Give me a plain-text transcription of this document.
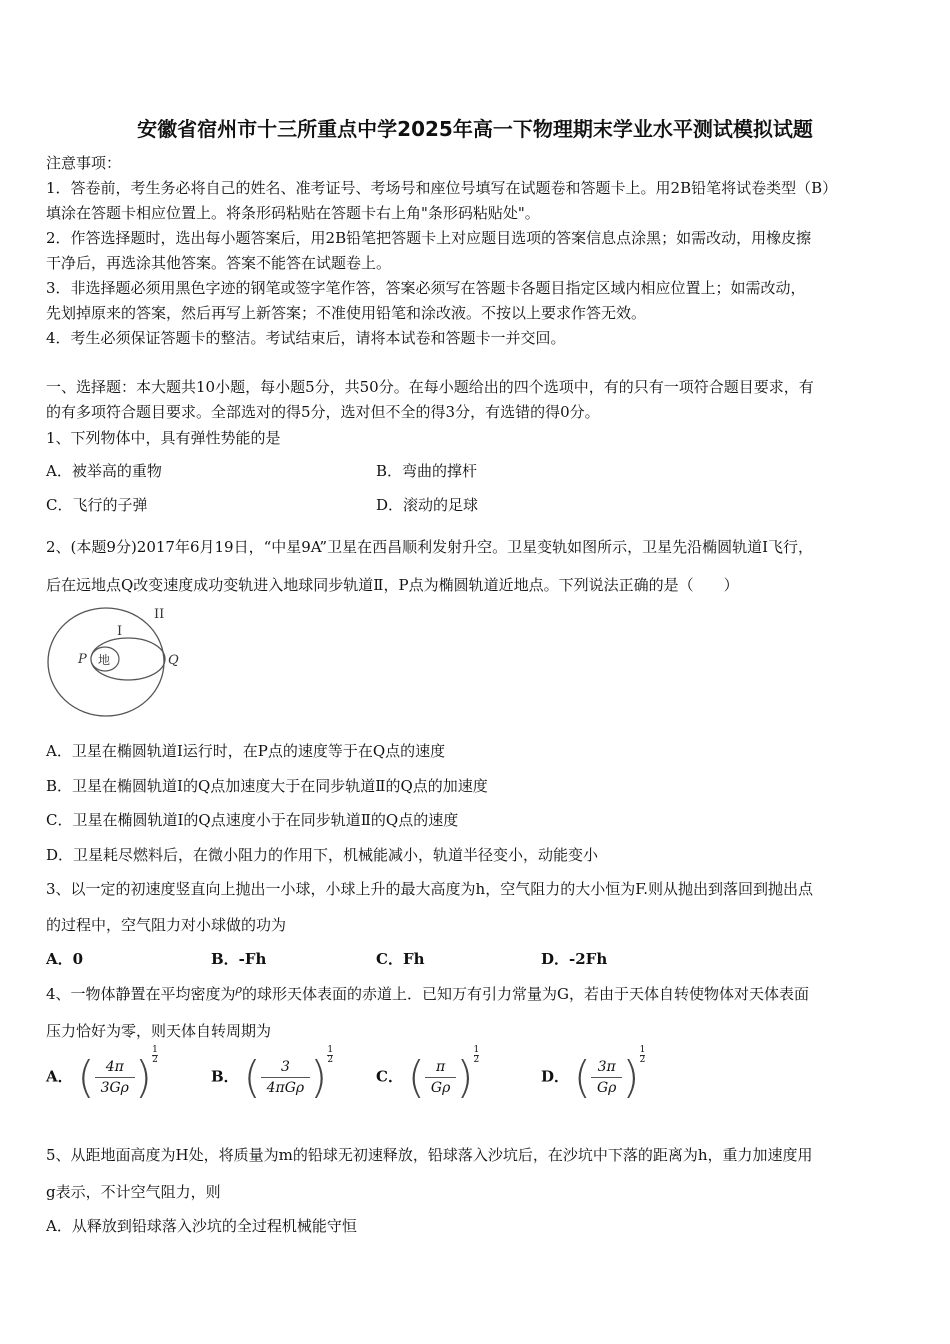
安徽省宿州市十三所重点中学2025年高一下物理期末学业水平测试模拟试题
注意事项：
1．答卷前，考生务必将自己的姓名、准考证号、考场号和座位号填写在试题卷和答题卡上。用2B铅笔将试卷类型（B）
填涂在答题卡相应位置上。将条形码粘贴在答题卡右上角"条形码粘贴处"。
2．作答选择题时，选出每小题答案后，用2B铅笔把答题卡上对应题目选项的答案信息点涂黑；如需改动，用橡皮擦
干净后，再选涂其他答案。答案不能答在试题卷上。
3．非选择题必须用黑色字迹的钢笔或签字笔作答，答案必须写在答题卡各题目指定区域内相应位置上；如需改动，
先划掉原来的答案，然后再写上新答案；不准使用铅笔和涂改液。不按以上要求作答无效。
4．考生必须保证答题卡的整洁。考试结束后，请将本试卷和答题卡一并交回。
一、选择题：本大题共10小题，每小题5分，共50分。在每小题给出的四个选项中，有的只有一项符合题目要求，有
的有多项符合题目要求。全部选对的得5分，选对但不全的得3分，有选错的得0分。
1、下列物体中，具有弹性势能的是
A．被举高的重物	B．弯曲的撑杆
C．飞行的子弹	D．滚动的足球
2、(本题9分)2017年6月19日，“中星9A”卫星在西昌顺利发射升空。卫星变轨如图所示，卫星先沿椭圆轨道Ⅰ飞行，
后在远地点Q改变速度成功变轨进入地球同步轨道Ⅱ，P点为椭圆轨道近地点。下列说法正确的是（　　）
地
I
II
P	Q
A．卫星在椭圆轨道Ⅰ运行时，在P点的速度等于在Q点的速度
B．卫星在椭圆轨道Ⅰ的Q点加速度大于在同步轨道Ⅱ的Q点的加速度
C．卫星在椭圆轨道Ⅰ的Q点速度小于在同步轨道Ⅱ的Q点的速度
D．卫星耗尽燃料后，在微小阻力的作用下，机械能减小，轨道半径变小，动能变小
3、以一定的初速度竖直向上抛出一小球，小球上升的最大高度为h，空气阻力的大小恒为F.则从抛出到落回到抛出点
的过程中，空气阻力对小球做的功为
A．0	B．-Fh	C．Fh	D．-2Fh
4、一物体静置在平均密度为$^\rho$的球形天体表面的赤道上．已知万有引力常量为G，若由于天体自转使物体对天体表面
压力恰好为零，则天体自转周期为
A． ( $\frac{4\pi}{3G\rho}$ ) $\frac{1}{2}$
B． ( $\frac{3}{\text{4πGρ}}$ ) $\frac{1}{2}$
C． ( $\frac{\pi}{G\rho}$ ) $\frac{1}{2}$
D． ( $\frac{3\pi}{G\rho}$ ) $\frac{1}{2}$
5、从距地面高度为H处，将质量为m的铅球无初速释放，铅球落入沙坑后，在沙坑中下落的距离为h，重力加速度用
g表示，不计空气阻力，则
A．从释放到铅球落入沙坑的全过程机械能守恒
